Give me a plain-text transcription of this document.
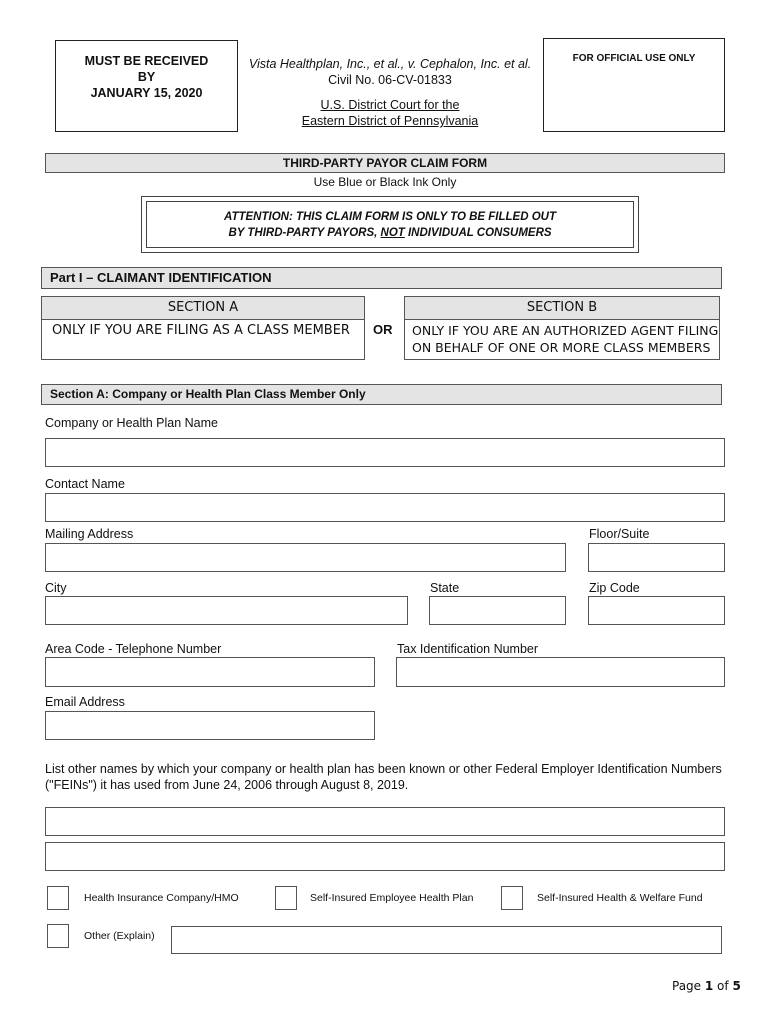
MUST BE RECEIVED
BY
JANUARY 15, 2020
Vista Healthplan, Inc., et al., v. Cephalon, Inc. et al.
Civil No. 06-CV-01833
U.S. District Court for the
Eastern District of Pennsylvania
FOR OFFICIAL USE ONLY
THIRD-PARTY PAYOR CLAIM FORM
Use Blue or Black Ink Only
ATTENTION: THIS CLAIM FORM IS ONLY TO BE FILLED OUT
BY THIRD-PARTY PAYORS, NOT INDIVIDUAL CONSUMERS
Part I – CLAIMANT IDENTIFICATION
SECTION A
ONLY IF YOU ARE FILING AS A CLASS MEMBER OR
SECTION B
ONLY IF YOU ARE AN AUTHORIZED AGENT FILING
ON BEHALF OF ONE OR MORE CLASS MEMBERS
Section A: Company or Health Plan Class Member Only
Company or Health Plan Name
Contact Name
Mailing Address	Floor/Suite
City	State	Zip Code
Area Code - Telephone Number	Tax Identification Number
Email Address
List other names by which your company or health plan has been known or other Federal Employer Identification Numbers
("FEINs") it has used from June 24, 2006 through August 8, 2019.
Health Insurance Company/HMO	Self-Insured Employee Health Plan	Self-Insured Health & Welfare Fund
Other (Explain)
Page 1 of 5
